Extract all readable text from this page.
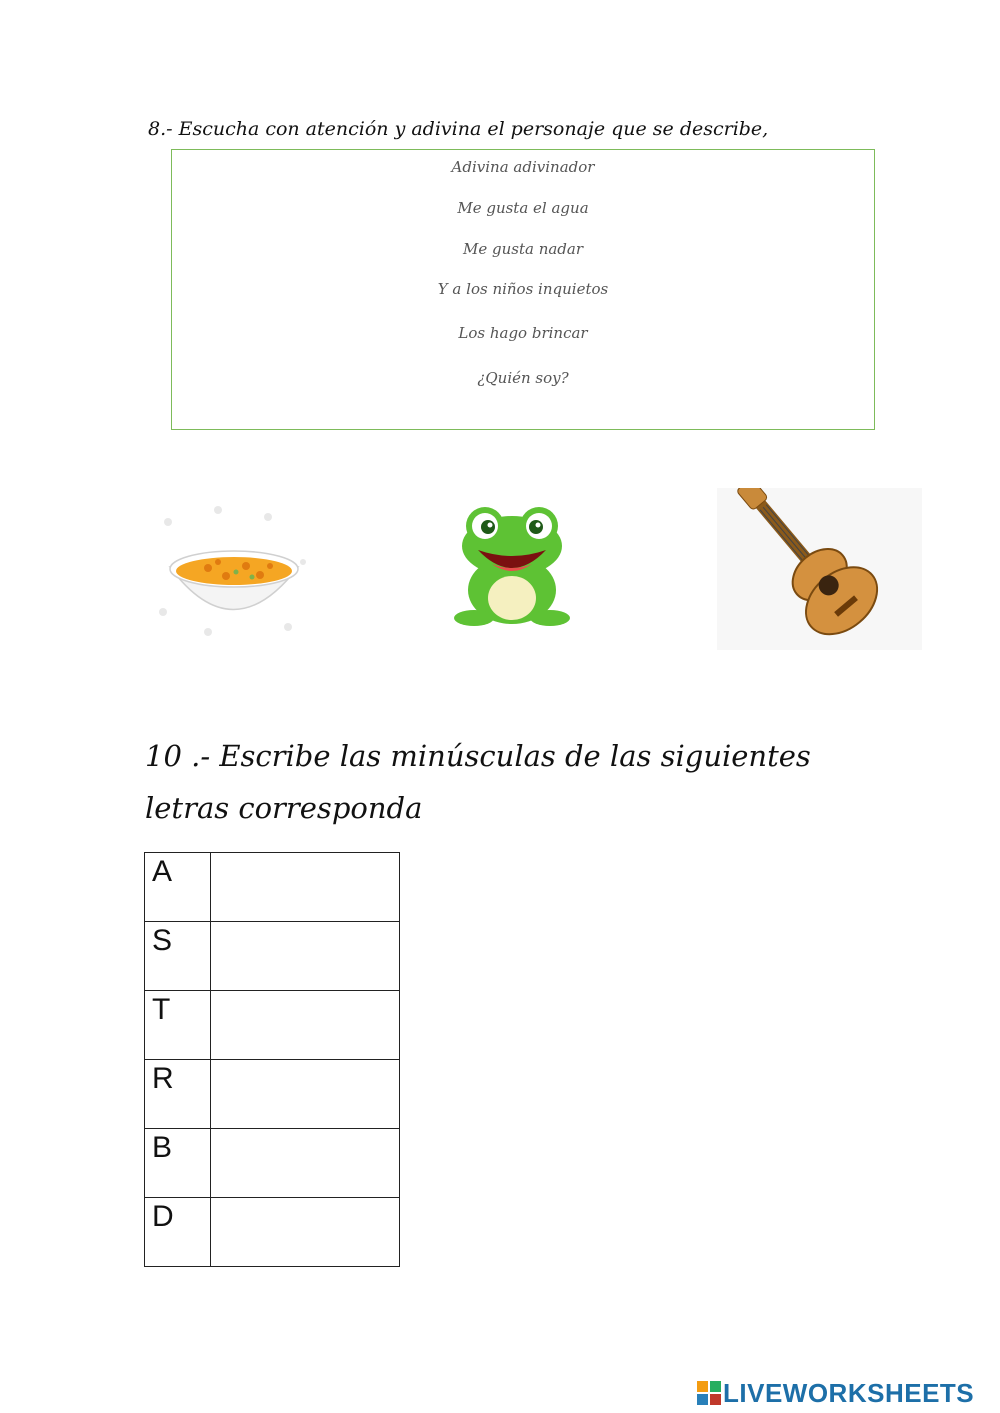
8.- Escucha con atención y adivina el personaje que se describe,
Adivina adivinador
Me gusta el agua
Me gusta nadar
Y a los niños inquietos
Los hago brincar
¿Quién soy?
10 .- Escribe las minúsculas de las siguientes
letras corresponda
A	
S	
T	
R	
B	
D	
LIVEWORKSHEETS
